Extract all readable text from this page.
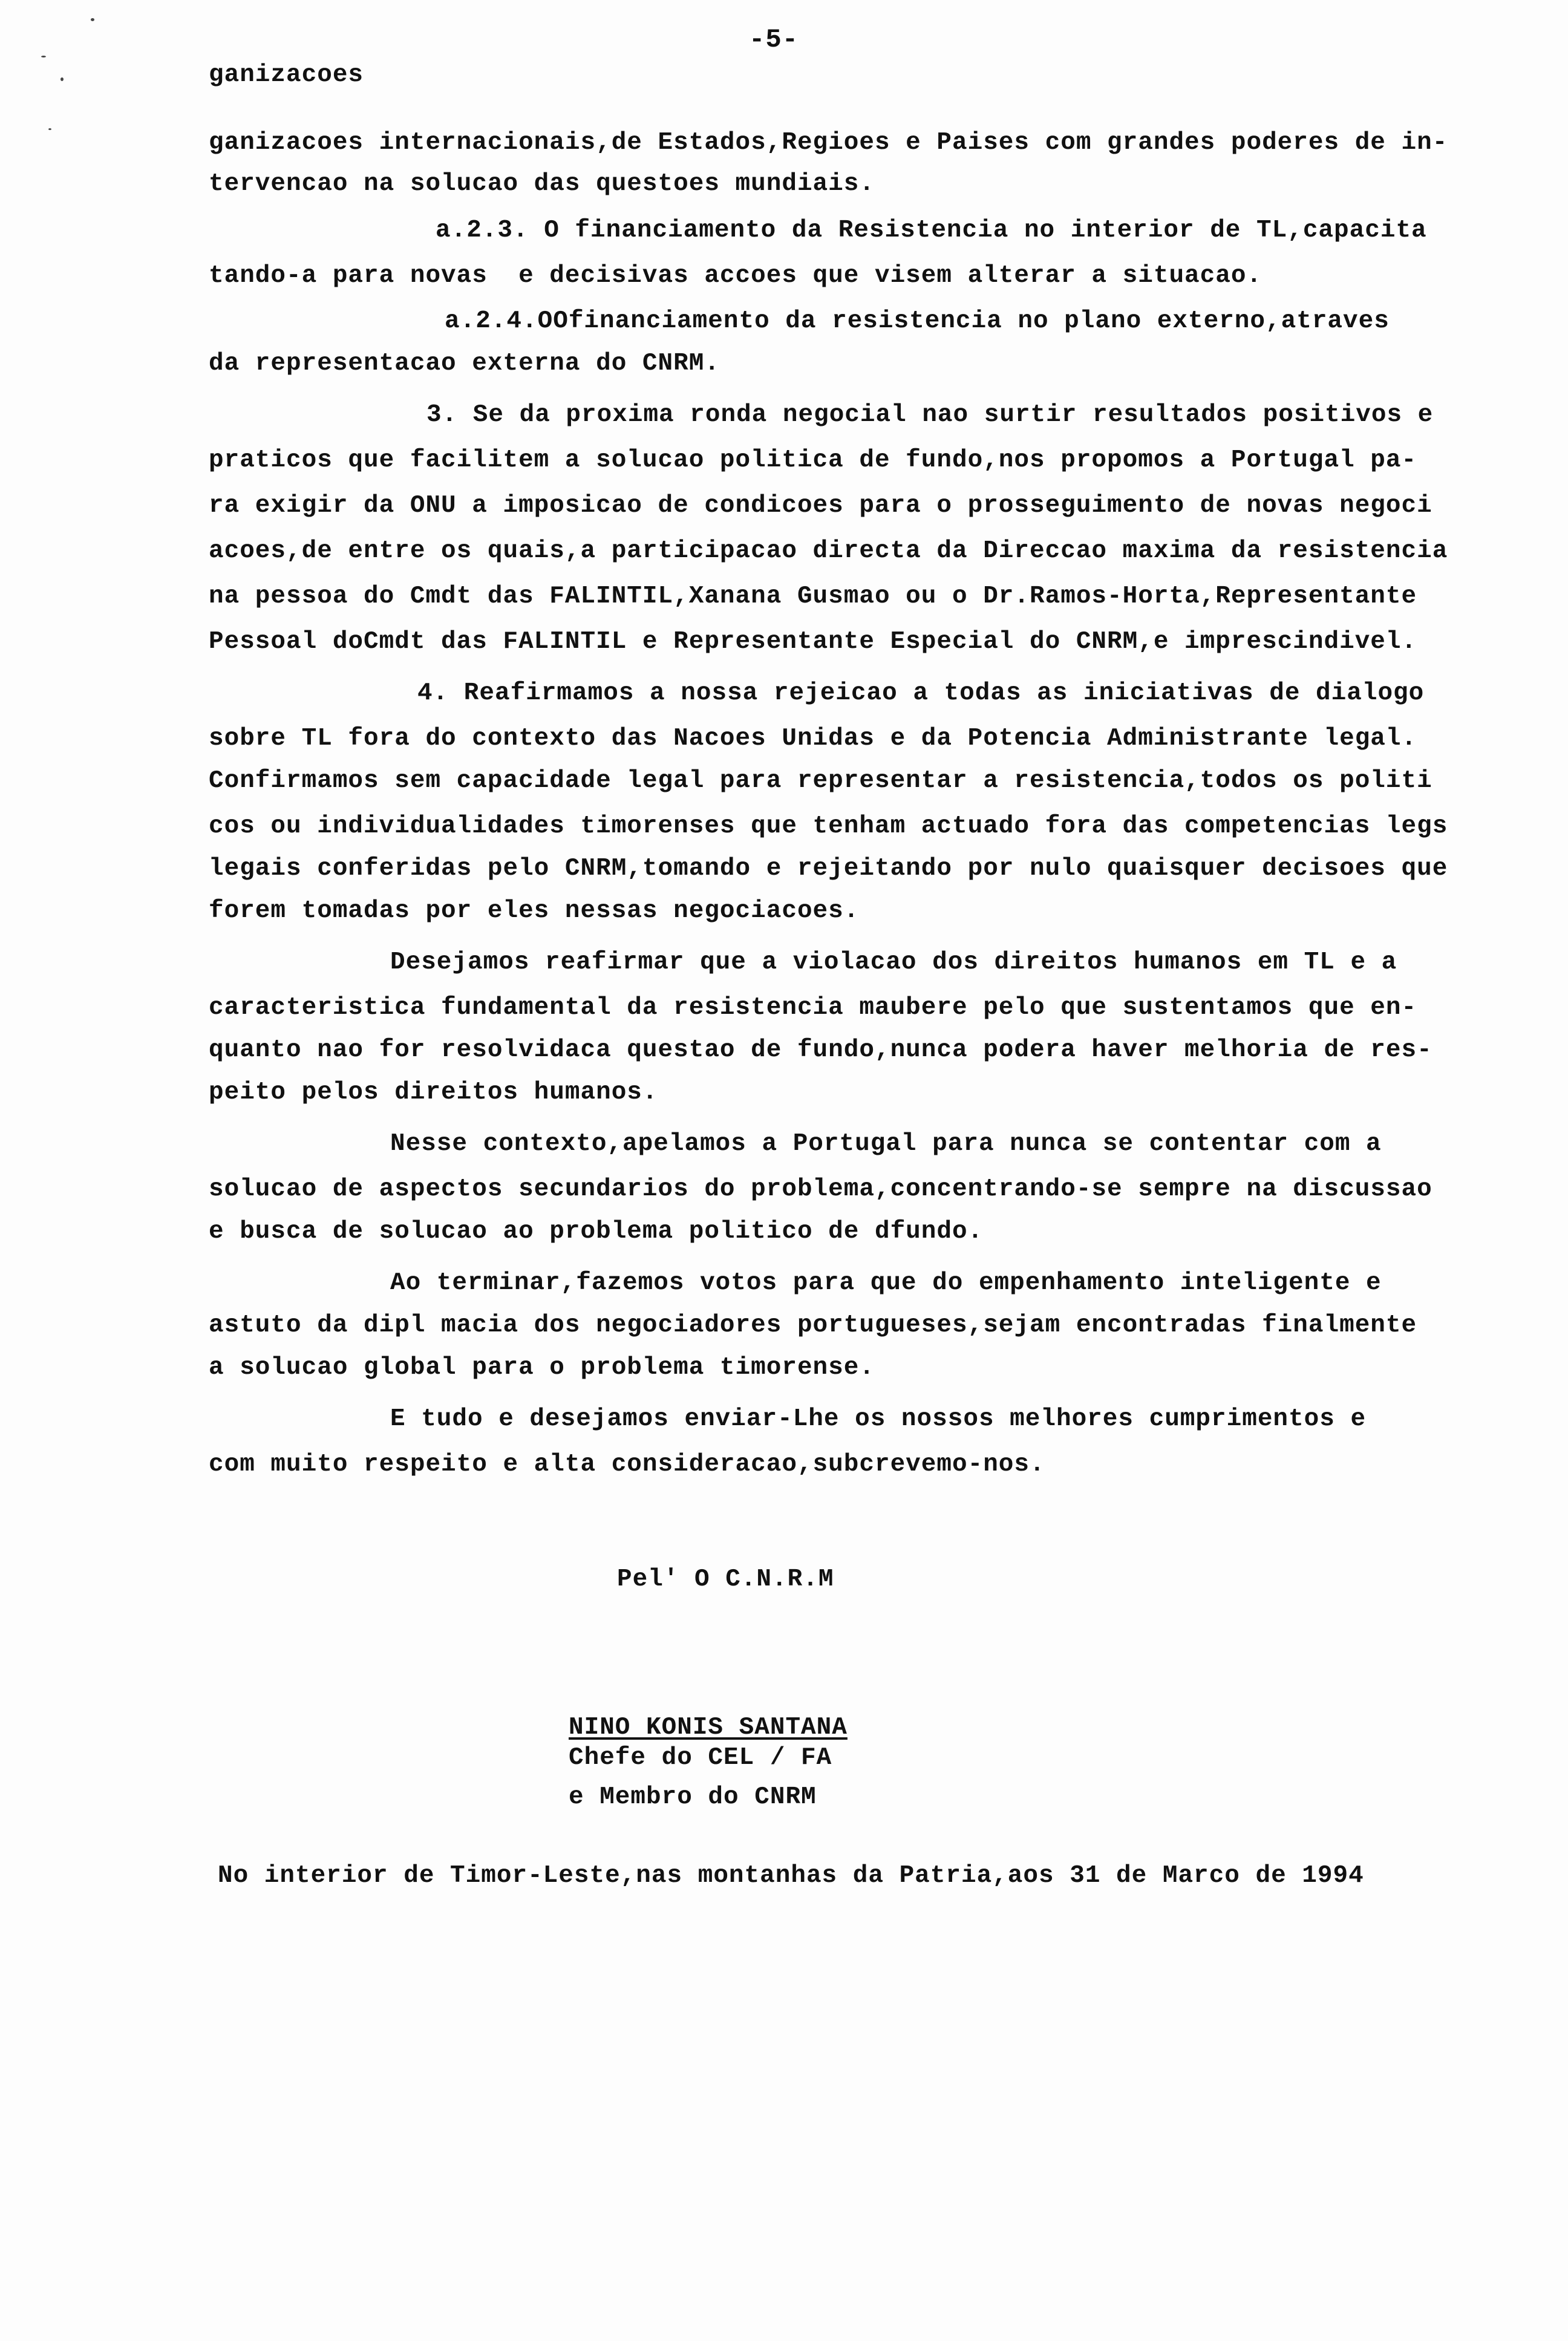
-5-
ganizacoes
ganizacoes internacionais,de Estados,Regioes e Paises com grandes poderes de in-
tervencao na solucao das questoes mundiais.
a.2.3. O financiamento da Resistencia no interior de TL,capacita
tando-a para novas  e decisivas accoes que visem alterar a situacao.
a.2.4.OOfinanciamento da resistencia no plano externo,atraves
da representacao externa do CNRM.
3. Se da proxima ronda negocial nao surtir resultados positivos e
praticos que facilitem a solucao politica de fundo,nos propomos a Portugal pa-
ra exigir da ONU a imposicao de condicoes para o prosseguimento de novas negoci
acoes,de entre os quais,a participacao directa da Direccao maxima da resistencia
na pessoa do Cmdt das FALINTIL,Xanana Gusmao ou o Dr.Ramos-Horta,Representante
Pessoal doCmdt das FALINTIL e Representante Especial do CNRM,e imprescindivel.
4. Reafirmamos a nossa rejeicao a todas as iniciativas de dialogo
sobre TL fora do contexto das Nacoes Unidas e da Potencia Administrante legal.
Confirmamos sem capacidade legal para representar a resistencia,todos os politi
cos ou individualidades timorenses que tenham actuado fora das competencias legs
legais conferidas pelo CNRM,tomando e rejeitando por nulo quaisquer decisoes que
forem tomadas por eles nessas negociacoes.
Desejamos reafirmar que a violacao dos direitos humanos em TL e a
caracteristica fundamental da resistencia maubere pelo que sustentamos que en-
quanto nao for resolvidaca questao de fundo,nunca podera haver melhoria de res-
peito pelos direitos humanos.
Nesse contexto,apelamos a Portugal para nunca se contentar com a
solucao de aspectos secundarios do problema,concentrando-se sempre na discussao
e busca de solucao ao problema politico de dfundo.
Ao terminar,fazemos votos para que do empenhamento inteligente e
astuto da dipl macia dos negociadores portugueses,sejam encontradas finalmente
a solucao global para o problema timorense.
E tudo e desejamos enviar-Lhe os nossos melhores cumprimentos e
com muito respeito e alta consideracao,subcrevemo-nos.
Pel' O C.N.R.M
NINO KONIS SANTANA
Chefe do CEL / FA
e Membro do CNRM
No interior de Timor-Leste,nas montanhas da Patria,aos 31 de Marco de 1994
